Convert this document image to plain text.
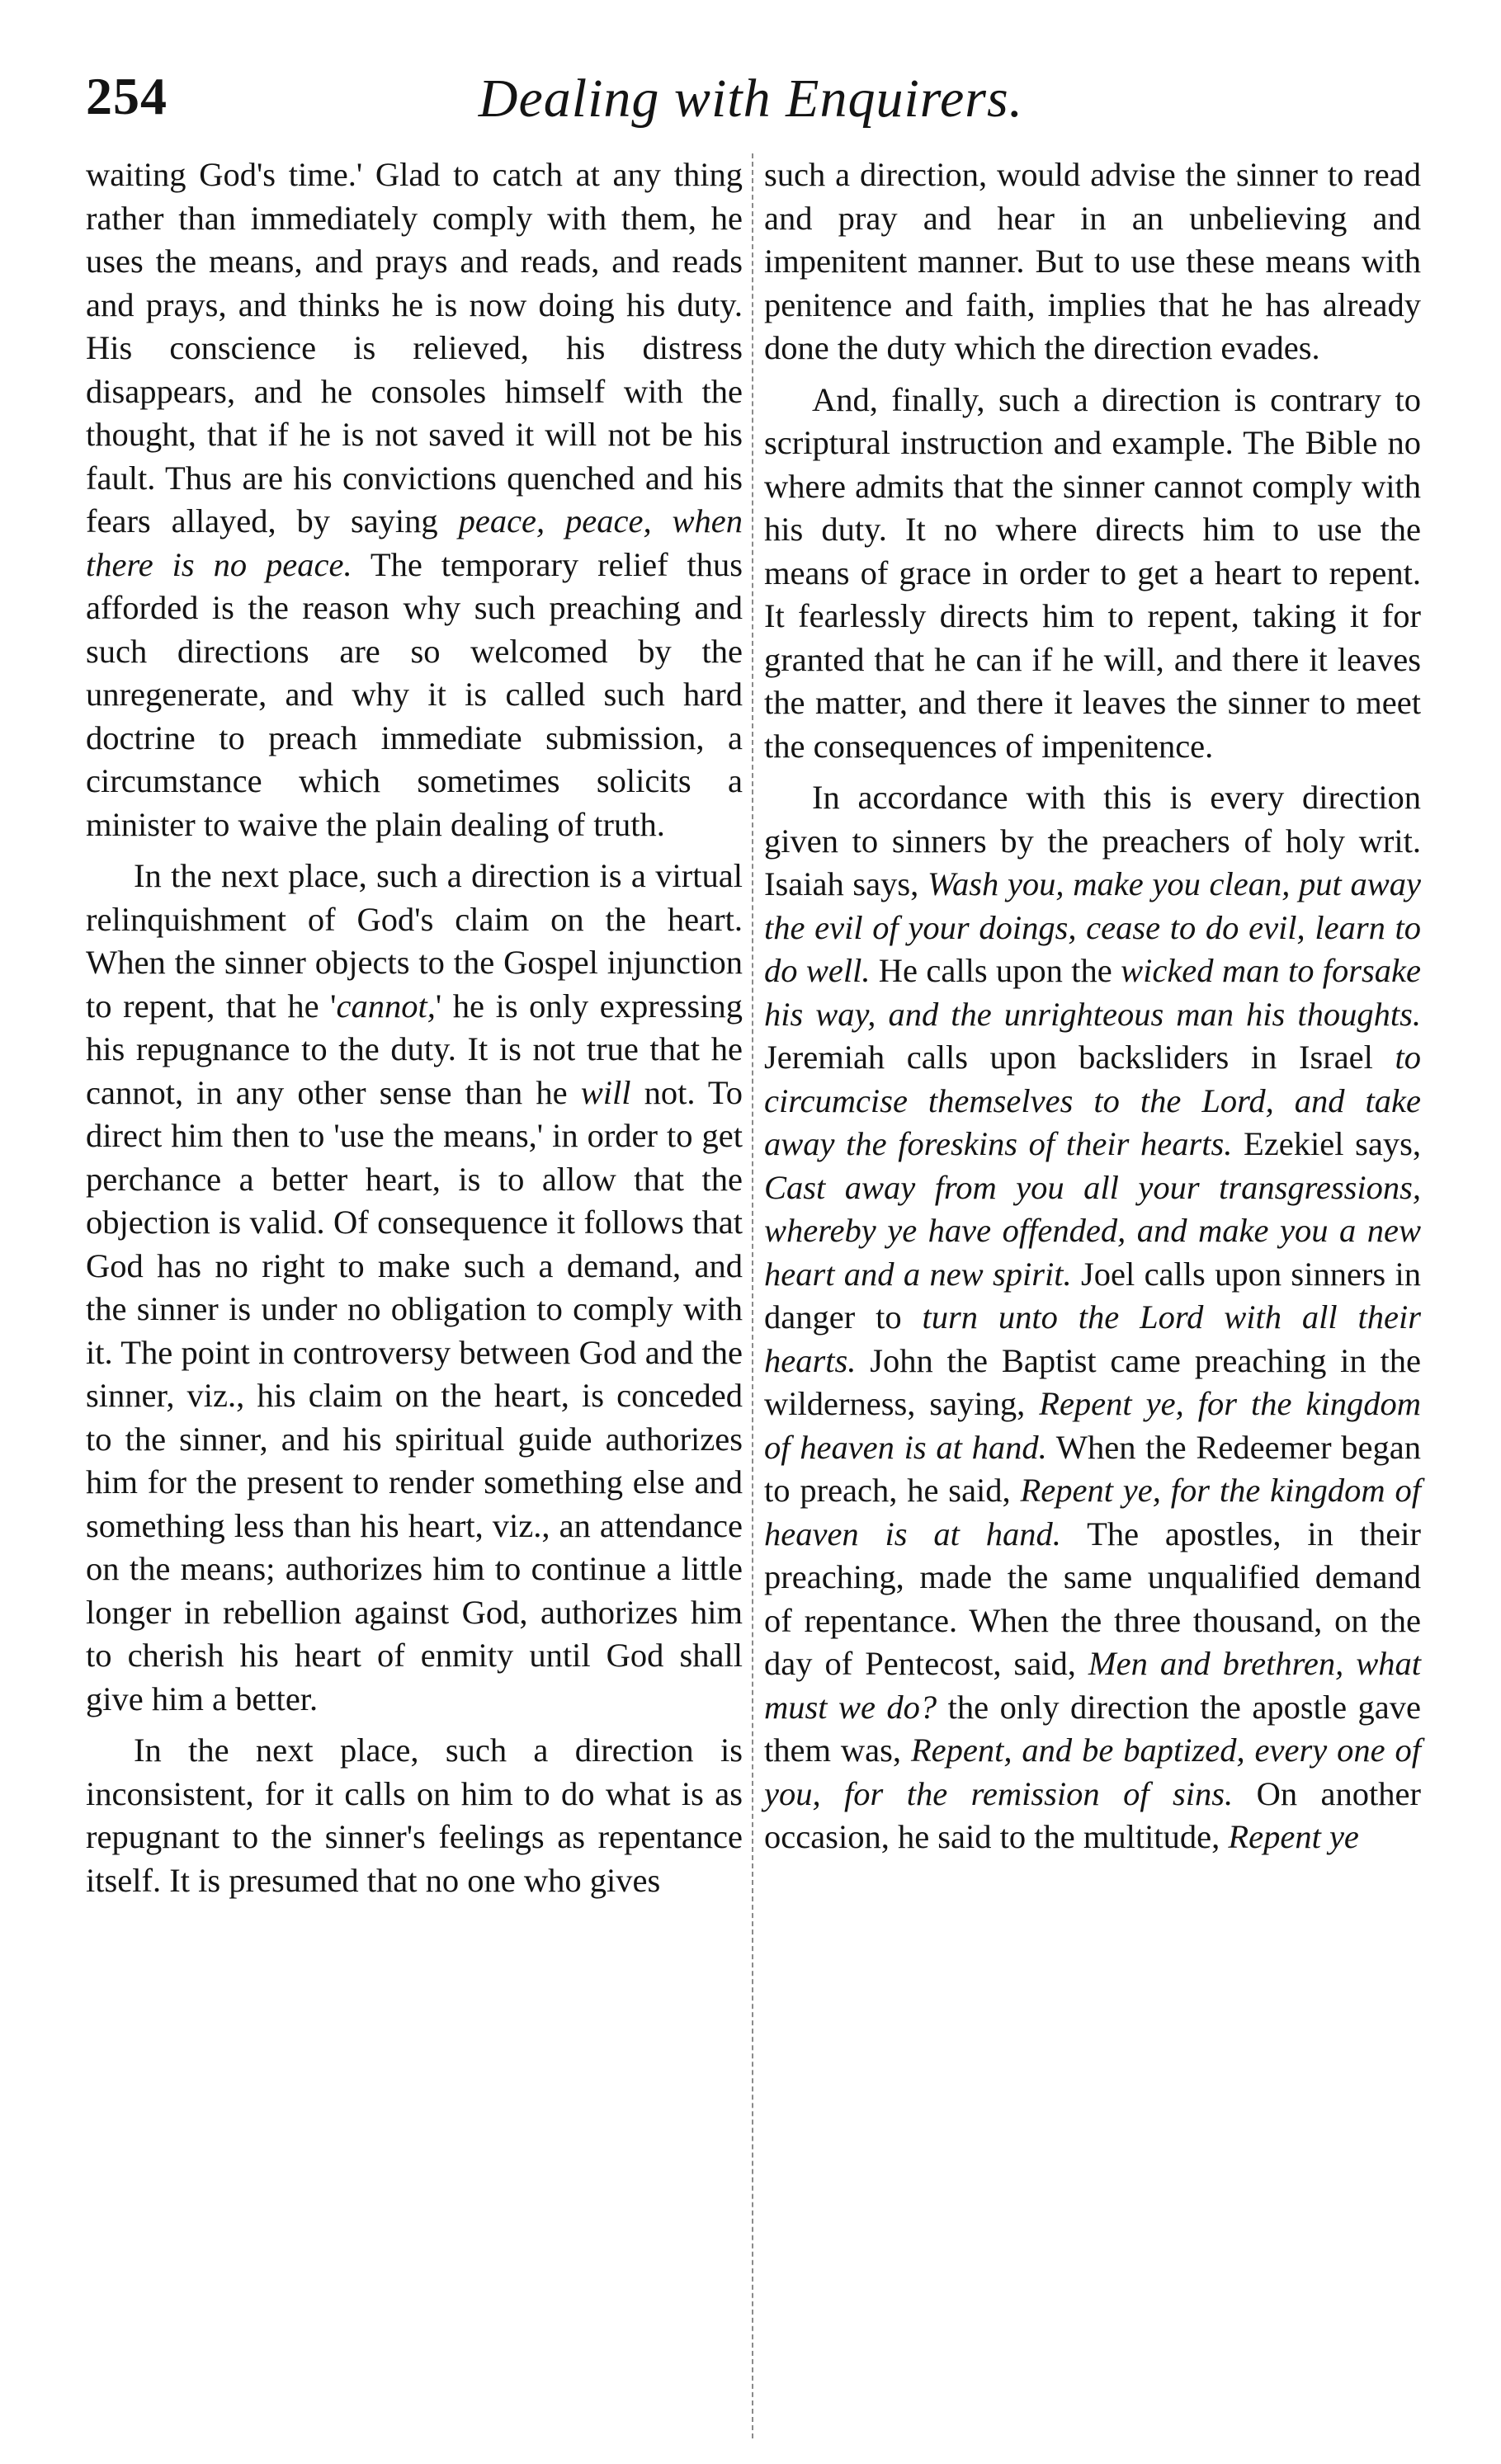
254	Dealing with Enquirers.

waiting God's time.' Glad to catch at any thing rather than immediately comply with them, he uses the means, and prays and reads, and reads and prays, and thinks he is now doing his duty. His conscience is relieved, his distress disappears, and he consoles himself with the thought, that if he is not saved it will not be his fault. Thus are his convictions quenched and his fears allayed, by saying peace, peace, when there is no peace. The temporary relief thus afforded is the reason why such preaching and such directions are so welcomed by the unregenerate, and why it is called such hard doctrine to preach immediate submission, a circumstance which sometimes solicits a minister to waive the plain dealing of truth.

In the next place, such a direction is a virtual relinquishment of God's claim on the heart. When the sinner objects to the Gospel injunction to repent, that he 'cannot,' he is only expressing his repugnance to the duty. It is not true that he cannot, in any other sense than he will not. To direct him then to 'use the means,' in order to get perchance a better heart, is to allow that the objection is valid. Of consequence it follows that God has no right to make such a demand, and the sinner is under no obligation to comply with it. The point in controversy between God and the sinner, viz., his claim on the heart, is conceded to the sinner, and his spiritual guide authorizes him for the present to render something else and something less than his heart, viz., an attendance on the means; authorizes him to continue a little longer in rebellion against God, authorizes him to cherish his heart of enmity until God shall give him a better.

In the next place, such a direction is inconsistent, for it calls on him to do what is as repugnant to the sinner's feelings as repentance itself. It is presumed that no one who gives

such a direction, would advise the sinner to read and pray and hear in an unbelieving and impenitent manner. But to use these means with penitence and faith, implies that he has already done the duty which the direction evades.

And, finally, such a direction is contrary to scriptural instruction and example. The Bible no where admits that the sinner cannot comply with his duty. It no where directs him to use the means of grace in order to get a heart to repent. It fearlessly directs him to repent, taking it for granted that he can if he will, and there it leaves the matter, and there it leaves the sinner to meet the consequences of impenitence.

In accordance with this is every direction given to sinners by the preachers of holy writ. Isaiah says, Wash you, make you clean, put away the evil of your doings, cease to do evil, learn to do well. He calls upon the wicked man to forsake his way, and the unrighteous man his thoughts. Jeremiah calls upon backsliders in Israel to circumcise themselves to the Lord, and take away the foreskins of their hearts. Ezekiel says, Cast away from you all your transgressions, whereby ye have offended, and make you a new heart and a new spirit. Joel calls upon sinners in danger to turn unto the Lord with all their hearts. John the Baptist came preaching in the wilderness, saying, Repent ye, for the kingdom of heaven is at hand. When the Redeemer began to preach, he said, Repent ye, for the kingdom of heaven is at hand. The apostles, in their preaching, made the same unqualified demand of repentance. When the three thousand, on the day of Pentecost, said, Men and brethren, what must we do? the only direction the apostle gave them was, Repent, and be baptized, every one of you, for the remission of sins. On another occasion, he said to the multitude, Repent ye
